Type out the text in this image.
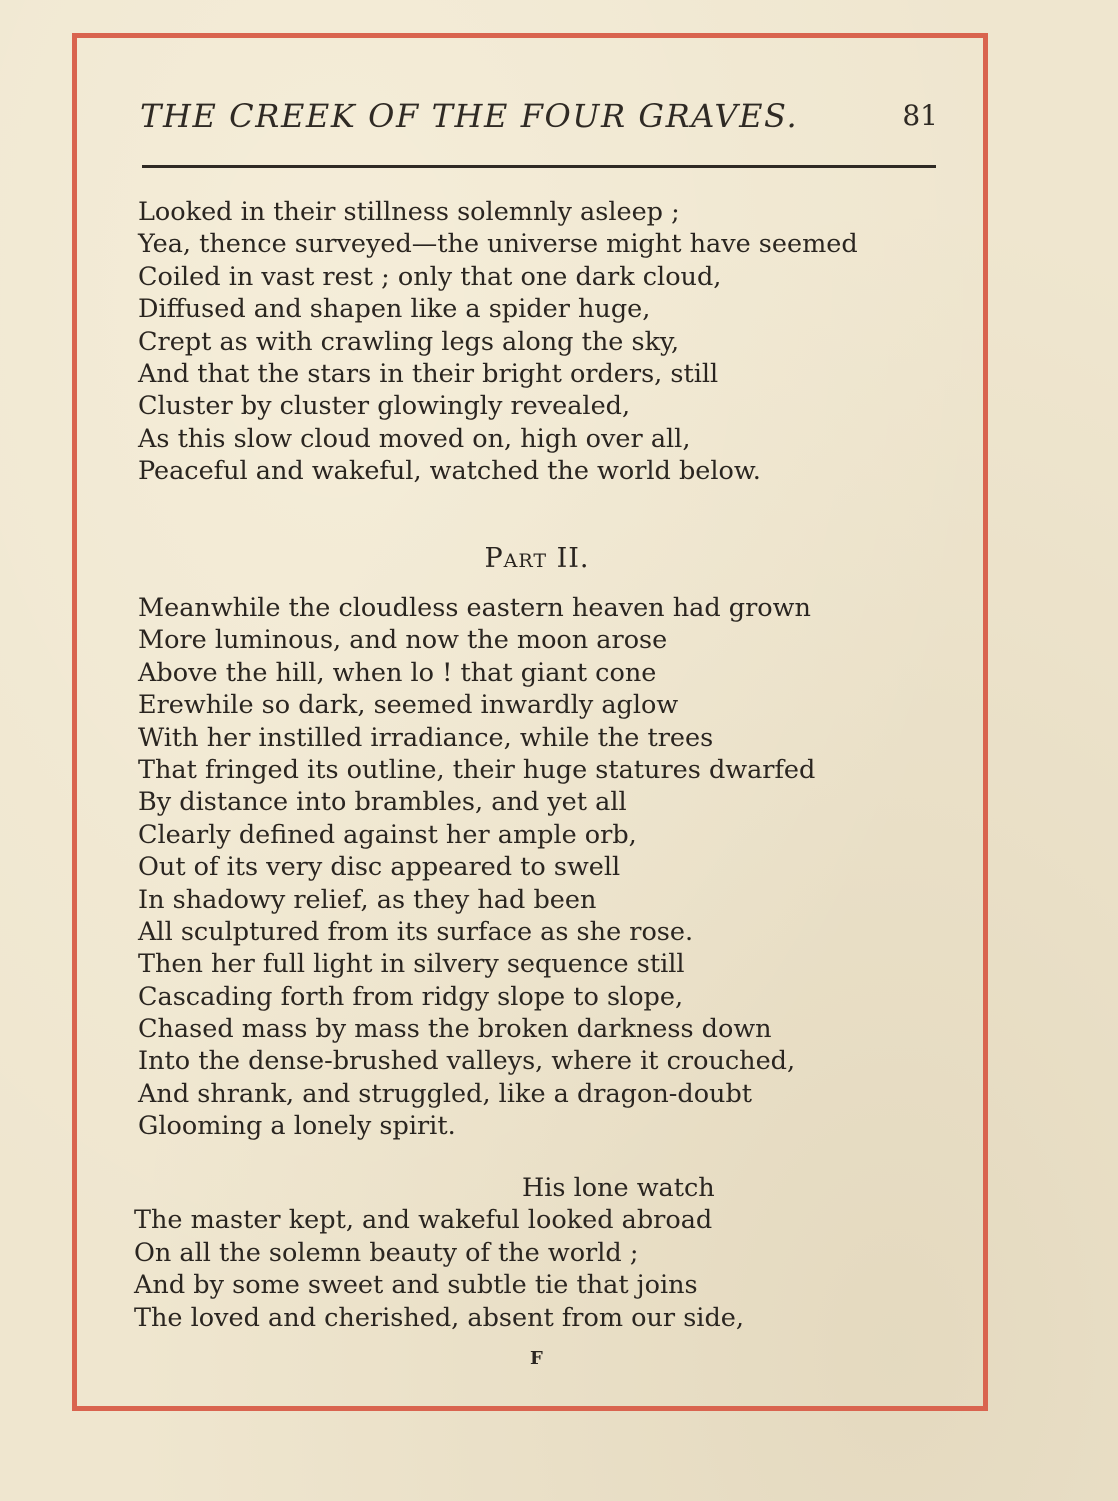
THE CREEK OF THE FOUR GRAVES.	81
Looked in their stillness solemnly asleep ;
Yea, thence surveyed—the universe might have seemed
Coiled in vast rest ; only that one dark cloud,
Diffused and shapen like a spider huge,
Crept as with crawling legs along the sky,
And that the stars in their bright orders, still
Cluster by cluster glowingly revealed,
As this slow cloud moved on, high over all,
Peaceful and wakeful, watched the world below.
Part II.
Meanwhile the cloudless eastern heaven had grown
More luminous, and now the moon arose
Above the hill, when lo ! that giant cone
Erewhile so dark, seemed inwardly aglow
With her instilled irradiance, while the trees
That fringed its outline, their huge statures dwarfed
By distance into brambles, and yet all
Clearly defined against her ample orb,
Out of its very disc appeared to swell
In shadowy relief, as they had been
All sculptured from its surface as she rose.
Then her full light in silvery sequence still
Cascading forth from ridgy slope to slope,
Chased mass by mass the broken darkness down
Into the dense-brushed valleys, where it crouched,
And shrank, and struggled, like a dragon-doubt
Glooming a lonely spirit.
His lone watch
The master kept, and wakeful looked abroad
On all the solemn beauty of the world ;
And by some sweet and subtle tie that joins
The loved and cherished, absent from our side,
F
